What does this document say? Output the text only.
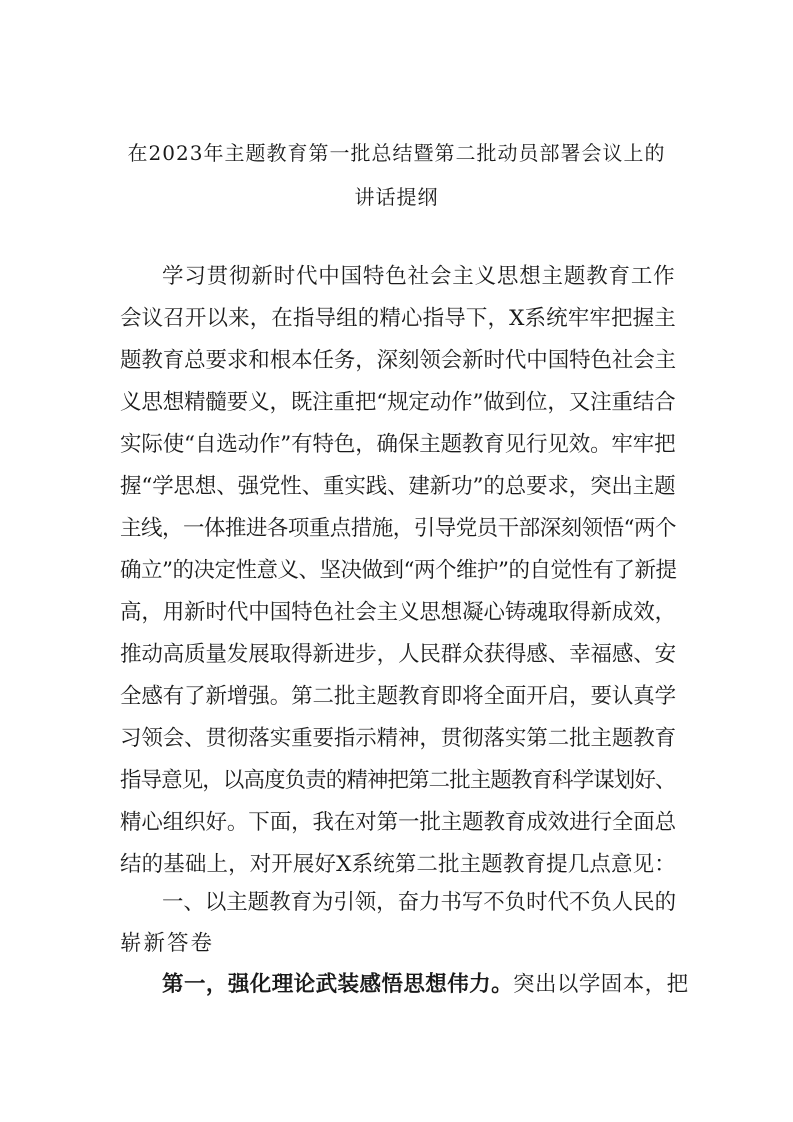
在2023年主题教育第一批总结暨第二批动员部署会议上的
讲话提纲
学习贯彻新时代中国特色社会主义思想主题教育工作
会议召开以来，在指导组的精心指导下，X系统牢牢把握主
题教育总要求和根本任务，深刻领会新时代中国特色社会主
义思想精髓要义，既注重把“规定动作”做到位，又注重结合
实际使“自选动作”有特色，确保主题教育见行见效。牢牢把
握“学思想、强党性、重实践、建新功”的总要求，突出主题
主线，一体推进各项重点措施，引导党员干部深刻领悟“两个
确立”的决定性意义、坚决做到“两个维护”的自觉性有了新提
高，用新时代中国特色社会主义思想凝心铸魂取得新成效，
推动高质量发展取得新进步，人民群众获得感、幸福感、安
全感有了新增强。第二批主题教育即将全面开启，要认真学
习领会、贯彻落实重要指示精神，贯彻落实第二批主题教育
指导意见，以高度负责的精神把第二批主题教育科学谋划好、
精心组织好。下面，我在对第一批主题教育成效进行全面总
结的基础上，对开展好X系统第二批主题教育提几点意见：
一、以主题教育为引领，奋力书写不负时代不负人民的
崭新答卷
第一，强化理论武装感悟思想伟力。突出以学固本，把
